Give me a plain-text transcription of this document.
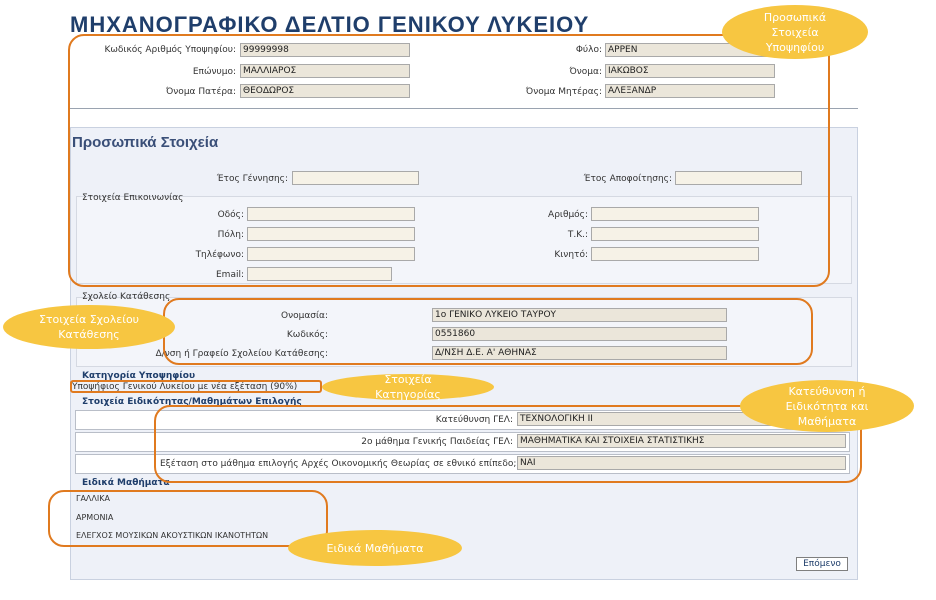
ΜΗΧΑΝΟΓΡΑΦΙΚΟ ΔΕΛΤΙΟ ΓΕΝΙΚΟΥ ΛΥΚΕΙΟΥ
Κωδικός Αριθμός Υποψηφίου: 99999998
Επώνυμο: ΜΑΛΛΙΑΡΟΣ
Όνομα Πατέρα: ΘΕΟΔΩΡΟΣ
Φύλο: ΑΡΡΕΝ
Όνομα: ΙΑΚΩΒΟΣ
Όνομα Μητέρας: ΑΛΕΞΑΝΔΡ
Προσωπικά Στοιχεία
Έτος Γέννησης:	Έτος Αποφοίτησης:
Στοιχεία Επικοινωνίας
Οδός:	Αριθμός:
Πόλη:	Τ.Κ.:
Τηλέφωνο:	Κινητό:
Email:
Σχολείο Κατάθεσης
Ονομασία:	1ο ΓΕΝΙΚΟ ΛΥΚΕΙΟ ΤΑΥΡΟΥ
Κωδικός:	0551860
Δ/νση ή Γραφείο Σχολείου Κατάθεσης:	Δ/ΝΣΗ Δ.Ε. Α' ΑΘΗΝΑΣ
Κατηγορία Υποψηφίου
Υποψήφιος Γενικού Λυκείου με νέα εξέταση (90%)
Στοιχεία Ειδικότητας/Μαθημάτων Επιλογής
Κατεύθυνση ΓΕΛ: ΤΕΧΝΟΛΟΓΙΚΗ ΙΙ
2ο μάθημα Γενικής Παιδείας ΓΕΛ: ΜΑΘΗΜΑΤΙΚΑ ΚΑΙ ΣΤΟΙΧΕΙΑ ΣΤΑΤΙΣΤΙΚΗΣ
Εξέταση στο μάθημα επιλογής Αρχές Οικονομικής Θεωρίας σε εθνικό επίπεδο; ΝΑΙ
Ειδικά Μαθήματα
ΓΑΛΛΙΚΑ
ΑΡΜΟΝΙΑ
ΕΛΕΓΧΟΣ ΜΟΥΣΙΚΩΝ ΑΚΟΥΣΤΙΚΩΝ ΙΚΑΝΟΤΗΤΩΝ
Επόμενο
Προσωπικά
Στοιχεία
Υποψηφίου
Στοιχεία Σχολείου
Κατάθεσης
Στοιχεία
Κατηγορίας	Κατεύθυνση ή
Ειδικότητα και
Μαθήματα
Ειδικά Μαθήματα
